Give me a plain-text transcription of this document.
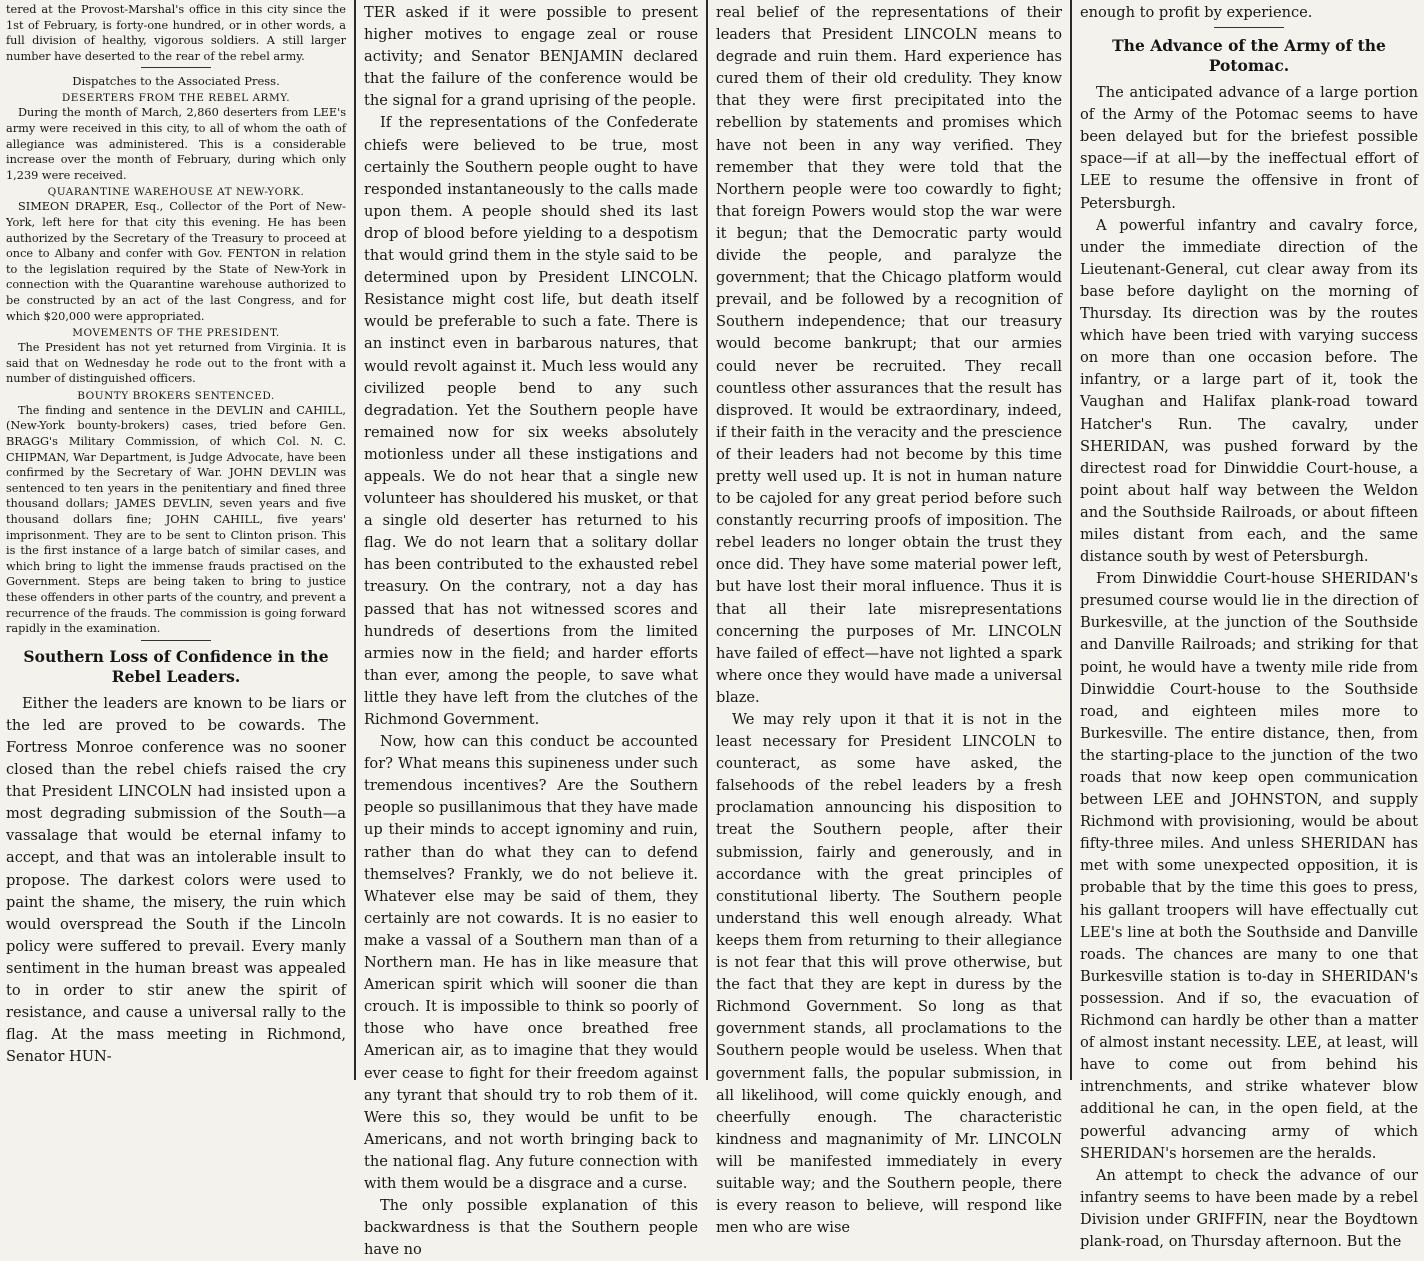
tered at the Provost-Marshal's office in this city since the 1st of February, is forty-one hundred, or in other words, a full division of healthy, vigorous soldiers. A still larger number have deserted to the rear of the rebel army.

Dispatches to the Associated Press.
DESERTERS FROM THE REBEL ARMY.

During the month of March, 2,860 deserters from LEE's army were received in this city, to all of whom the oath of allegiance was administered. This is a considerable increase over the month of February, during which only 1,239 were received.

QUARANTINE WAREHOUSE AT NEW-YORK.

SIMEON DRAPER, Esq., Collector of the Port of New-York, left here for that city this evening. He has been authorized by the Secretary of the Treasury to proceed at once to Albany and confer with Gov. FENTON in relation to the legislation required by the State of New-York in connection with the Quarantine warehouse authorized to be constructed by an act of the last Congress, and for which $20,000 were appropriated.

MOVEMENTS OF THE PRESIDENT.

The President has not yet returned from Virginia. It is said that on Wednesday he rode out to the front with a number of distinguished officers.

BOUNTY BROKERS SENTENCED.

The finding and sentence in the DEVLIN and CAHILL, (New-York bounty-brokers) cases, tried before Gen. BRAGG's Military Commission, of which Col. N. C. CHIPMAN, War Department, is Judge Advocate, have been confirmed by the Secretary of War. JOHN DEVLIN was sentenced to ten years in the penitentiary and fined three thousand dollars; JAMES DEVLIN, seven years and five thousand dollars fine; JOHN CAHILL, five years' imprisonment. They are to be sent to Clinton prison. This is the first instance of a large batch of similar cases, and which bring to light the immense frauds practised on the Government. Steps are being taken to bring to justice these offenders in other parts of the country, and prevent a recurrence of the frauds. The commission is going forward rapidly in the examination.

Southern Loss of Confidence in the Rebel Leaders.

Either the leaders are known to be liars or the led are proved to be cowards. The Fortress Monroe conference was no sooner closed than the rebel chiefs raised the cry that President LINCOLN had insisted upon a most degrading submission of the South—a vassalage that would be eternal infamy to accept, and that was an intolerable insult to propose. The darkest colors were used to paint the shame, the misery, the ruin which would overspread the South if the Lincoln policy were suffered to prevail. Every manly sentiment in the human breast was appealed to in order to stir anew the spirit of resistance, and cause a universal rally to the flag. At the mass meeting in Richmond, Senator HUN-

TER asked if it were possible to present higher motives to engage zeal or rouse activity; and Senator BENJAMIN declared that the failure of the conference would be the signal for a grand uprising of the people.

If the representations of the Confederate chiefs were believed to be true, most certainly the Southern people ought to have responded instantaneously to the calls made upon them. A people should shed its last drop of blood before yielding to a despotism that would grind them in the style said to be determined upon by President LINCOLN. Resistance might cost life, but death itself would be preferable to such a fate. There is an instinct even in barbarous natures, that would revolt against it. Much less would any civilized people bend to any such degradation. Yet the Southern people have remained now for six weeks absolutely motionless under all these instigations and appeals. We do not hear that a single new volunteer has shouldered his musket, or that a single old deserter has returned to his flag. We do not learn that a solitary dollar has been contributed to the exhausted rebel treasury. On the contrary, not a day has passed that has not witnessed scores and hundreds of desertions from the limited armies now in the field; and harder efforts than ever, among the people, to save what little they have left from the clutches of the Richmond Government.

Now, how can this conduct be accounted for? What means this supineness under such tremendous incentives? Are the Southern people so pusillanimous that they have made up their minds to accept ignominy and ruin, rather than do what they can to defend themselves? Frankly, we do not believe it. Whatever else may be said of them, they certainly are not cowards. It is no easier to make a vassal of a Southern man than of a Northern man. He has in like measure that American spirit which will sooner die than crouch. It is impossible to think so poorly of those who have once breathed free American air, as to imagine that they would ever cease to fight for their freedom against any tyrant that should try to rob them of it. Were this so, they would be unfit to be Americans, and not worth bringing back to the national flag. Any future connection with with them would be a disgrace and a curse.

The only possible explanation of this backwardness is that the Southern people have no

real belief of the representations of their leaders that President LINCOLN means to degrade and ruin them. Hard experience has cured them of their old credulity. They know that they were first precipitated into the rebellion by statements and promises which have not been in any way verified. They remember that they were told that the Northern people were too cowardly to fight; that foreign Powers would stop the war were it begun; that the Democratic party would divide the people, and paralyze the government; that the Chicago platform would prevail, and be followed by a recognition of Southern independence; that our treasury would become bankrupt; that our armies could never be recruited. They recall countless other assurances that the result has disproved. It would be extraordinary, indeed, if their faith in the veracity and the prescience of their leaders had not become by this time pretty well used up. It is not in human nature to be cajoled for any great period before such constantly recurring proofs of imposition. The rebel leaders no longer obtain the trust they once did. They have some material power left, but have lost their moral influence. Thus it is that all their late misrepresentations concerning the purposes of Mr. LINCOLN have failed of effect—have not lighted a spark where once they would have made a universal blaze.

We may rely upon it that it is not in the least necessary for President LINCOLN to counteract, as some have asked, the falsehoods of the rebel leaders by a fresh proclamation announcing his disposition to treat the Southern people, after their submission, fairly and generously, and in accordance with the great principles of constitutional liberty. The Southern people understand this well enough already. What keeps them from returning to their allegiance is not fear that this will prove otherwise, but the fact that they are kept in duress by the Richmond Government. So long as that government stands, all proclamations to the Southern people would be useless. When that government falls, the popular submission, in all likelihood, will come quickly enough, and cheerfully enough. The characteristic kindness and magnanimity of Mr. LINCOLN will be manifested immediately in every suitable way; and the Southern people, there is every reason to believe, will respond like men who are wise

enough to profit by experience.

The Advance of the Army of the Potomac.

The anticipated advance of a large portion of the Army of the Potomac seems to have been delayed but for the briefest possible space—if at all—by the ineffectual effort of LEE to resume the offensive in front of Petersburgh.

A powerful infantry and cavalry force, under the immediate direction of the Lieutenant-General, cut clear away from its base before daylight on the morning of Thursday. Its direction was by the routes which have been tried with varying success on more than one occasion before. The infantry, or a large part of it, took the Vaughan and Halifax plank-road toward Hatcher's Run. The cavalry, under SHERIDAN, was pushed forward by the directest road for Dinwiddie Court-house, a point about half way between the Weldon and the Southside Railroads, or about fifteen miles distant from each, and the same distance south by west of Petersburgh.

From Dinwiddie Court-house SHERIDAN's presumed course would lie in the direction of Burkesville, at the junction of the Southside and Danville Railroads; and striking for that point, he would have a twenty mile ride from Dinwiddie Court-house to the Southside road, and eighteen miles more to Burkesville. The entire distance, then, from the starting-place to the junction of the two roads that now keep open communication between LEE and JOHNSTON, and supply Richmond with provisioning, would be about fifty-three miles. And unless SHERIDAN has met with some unexpected opposition, it is probable that by the time this goes to press, his gallant troopers will have effectually cut LEE's line at both the Southside and Danville roads. The chances are many to one that Burkesville station is to-day in SHERIDAN's possession. And if so, the evacuation of Richmond can hardly be other than a matter of almost instant necessity. LEE, at least, will have to come out from behind his intrenchments, and strike whatever blow additional he can, in the open field, at the powerful advancing army of which SHERIDAN's horsemen are the heralds.

An attempt to check the advance of our infantry seems to have been made by a rebel Division under GRIFFIN, near the Boydtown plank-road, on Thursday afternoon. But the
